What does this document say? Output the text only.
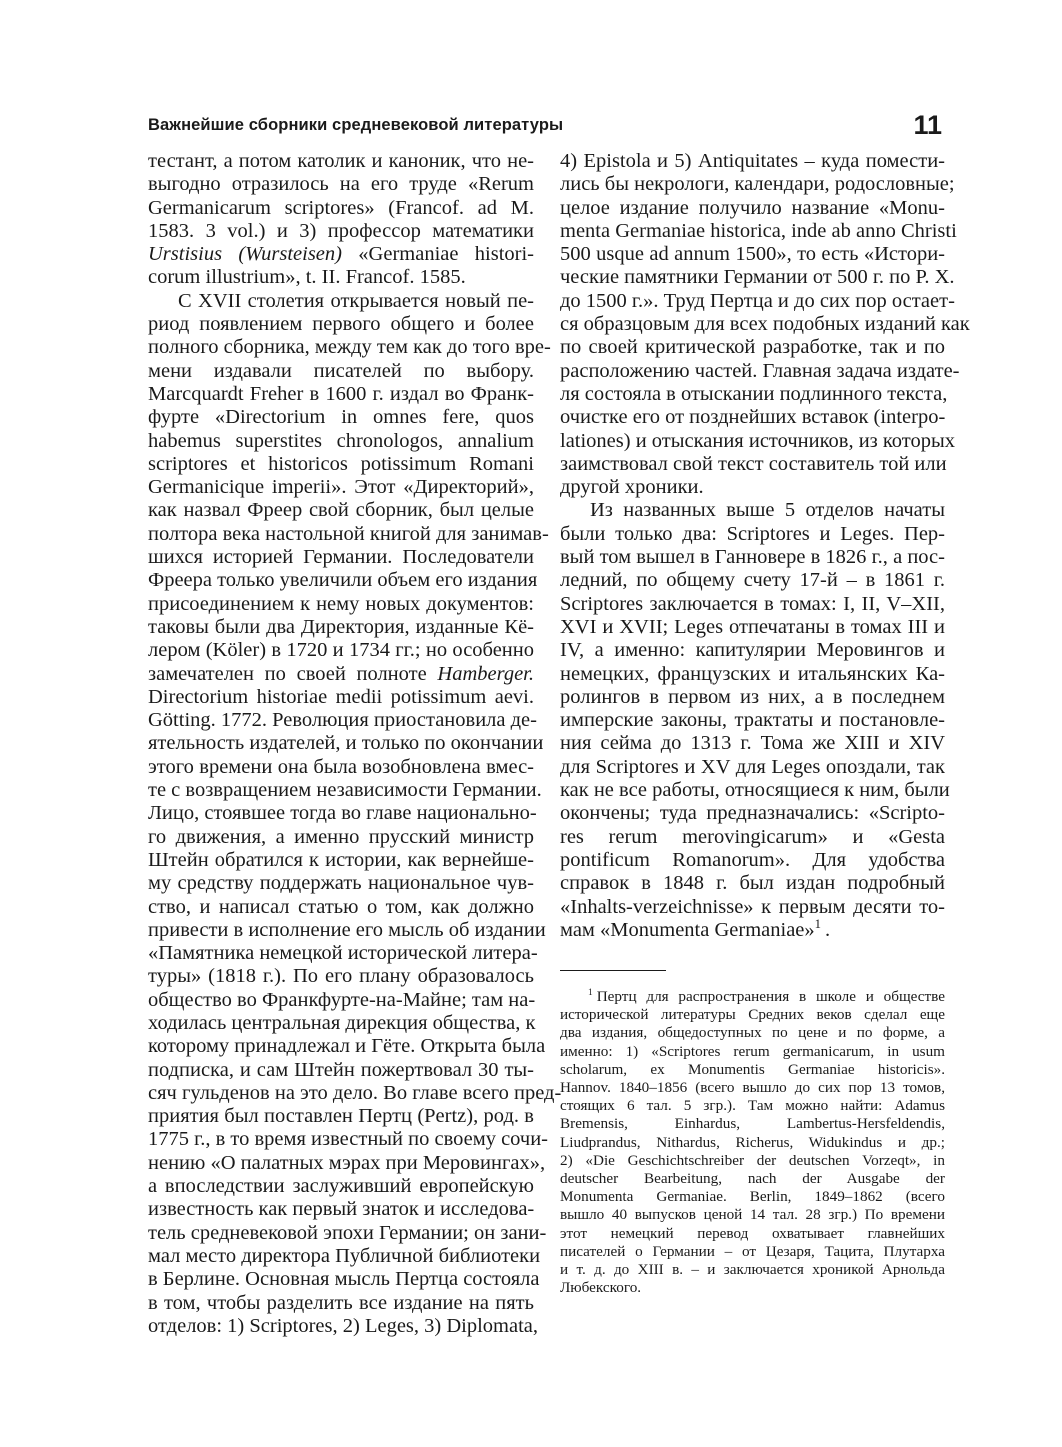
Важнейшие сборники средневековой литературы	11
тестант, а потом католик и каноник, что не-
выгодно отразилось на его труде «Rerum
Germanicarum scriptores» (Francof. ad M.
1583. 3 vol.) и 3) профессор математики
Urstisius (Wursteisen) «Germaniae histori-
corum illustrium», t. II. Francof. 1585.
С XVII столетия открывается новый пе-
риод появлением первого общего и более
полного сборника, между тем как до того вре-
мени издавали писателей по выбору.
Marcquardt Freher в 1600 г. издал во Франк-
фурте «Directorium in omnes fere, quos
habemus superstites chronologos, annalium
scriptores et historicos potissimum Romani
Germanicique imperii». Этот «Директорий»,
как назвал Фреер свой сборник, был целые
полтора века настольной книгой для занимав-
шихся историей Германии. Последователи
Фреера только увеличили объем его издания
присоединением к нему новых документов:
таковы были два Директория, изданные Кё-
лером (Köler) в 1720 и 1734 гг.; но особенно
замечателен по своей полноте Hamberger.
Directorium historiae medii potissimum aevi.
Götting. 1772. Революция приостановила де-
ятельность издателей, и только по окончании
этого времени она была возобновлена вмес-
те с возвращением независимости Германии.
Лицо, стоявшее тогда во главе национально-
го движения, а именно прусский министр
Штейн обратился к истории, как вернейше-
му средству поддержать национальное чув-
ство, и написал статью о том, как должно
привести в исполнение его мысль об издании
«Памятника немецкой исторической литера-
туры» (1818 г.). По его плану образовалось
общество во Франкфурте-на-Майне; там на-
ходилась центральная дирекция общества, к
которому принадлежал и Гёте. Открыта была
подписка, и сам Штейн пожертвовал 30 ты-
сяч гульденов на это дело. Во главе всего пред-
приятия был поставлен Пертц (Pertz), род. в
1775 г., в то время известный по своему сочи-
нению «О палатных мэрах при Меровингах»,
а впоследствии заслуживший европейскую
известность как первый знаток и исследова-
тель средневековой эпохи Германии; он зани-
мал место директора Публичной библиотеки
в Берлине. Основная мысль Пертца состояла
в том, чтобы разделить все издание на пять
отделов: 1) Scriptores, 2) Leges, 3) Diplomata,
4) Epistola и 5) Antiquitates – куда помести-
лись бы некрологи, календари, родословные;
целое издание получило название «Monu-
menta Germaniae historica, inde ab anno Christi
500 usque ad annum 1500», то есть «Истори-
ческие памятники Германии от 500 г. по Р. Х.
до 1500 г.». Труд Пертца и до сих пор остает-
ся образцовым для всех подобных изданий как
по своей критической разработке, так и по
расположению частей. Главная задача издате-
ля состояла в отыскании подлинного текста,
очистке его от позднейших вставок (interpo-
lationes) и отыскания источников, из которых
заимствовал свой текст составитель той или
другой хроники.
Из названных выше 5 отделов начаты
были только два: Scriptores и Leges. Пер-
вый том вышел в Ганновере в 1826 г., а пос-
ледний, по общему счету 17-й – в 1861 г.
Scriptores заключается в томах: I, II, V–XII,
XVI и XVII; Leges отпечатаны в томах III и
IV, а именно: капитулярии Меровингов и
немецких, французских и итальянских Ка-
ролингов в первом из них, а в последнем
имперские законы, трактаты и постановле-
ния сейма до 1313 г. Тома же XIII и XIV
для Scriptores и XV для Leges опоздали, так
как не все работы, относящиеся к ним, были
окончены; туда предназначались: «Scripto-
res rerum merovingicarum» и «Gesta
pontificum Romanorum». Для удобства
справок в 1848 г. был издан подробный
«Inhalts-verzeichnisse» к первым десяти то-
мам «Monumenta Germaniae»$^1$ .
$^1$ Пертц для распространения в школе и обществе
исторической литературы Средних веков сделал еще
два издания, общедоступных по цене и по форме, а
именно: 1) «Scriptores rerum germanicarum, in usum
scholarum, ex Monumentis Germaniae historicis».
Hannov. 1840–1856 (всего вышло до сих пор 13 томов,
стоящих 6 тал. 5 згр.). Там можно найти: Adamus
Bremensis, Einhardus, Lambertus-Hersfeldendis,
Liudprandus, Nithardus, Richerus, Widukindus и др.;
2) «Die Geschichtschreiber der deutschen Vorzeqt», in
deutscher Bearbeitung, nach der Ausgabe der
Monumenta Germaniae. Berlin, 1849–1862 (всего
вышло 40 выпусков ценой 14 тал. 28 згр.) По времени
этот немецкий перевод охватывает главнейших
писателей о Германии – от Цезаря, Тацита, Плутарха
и т. д. до XIII в. – и заключается хроникой Арнольда
Любекского.
